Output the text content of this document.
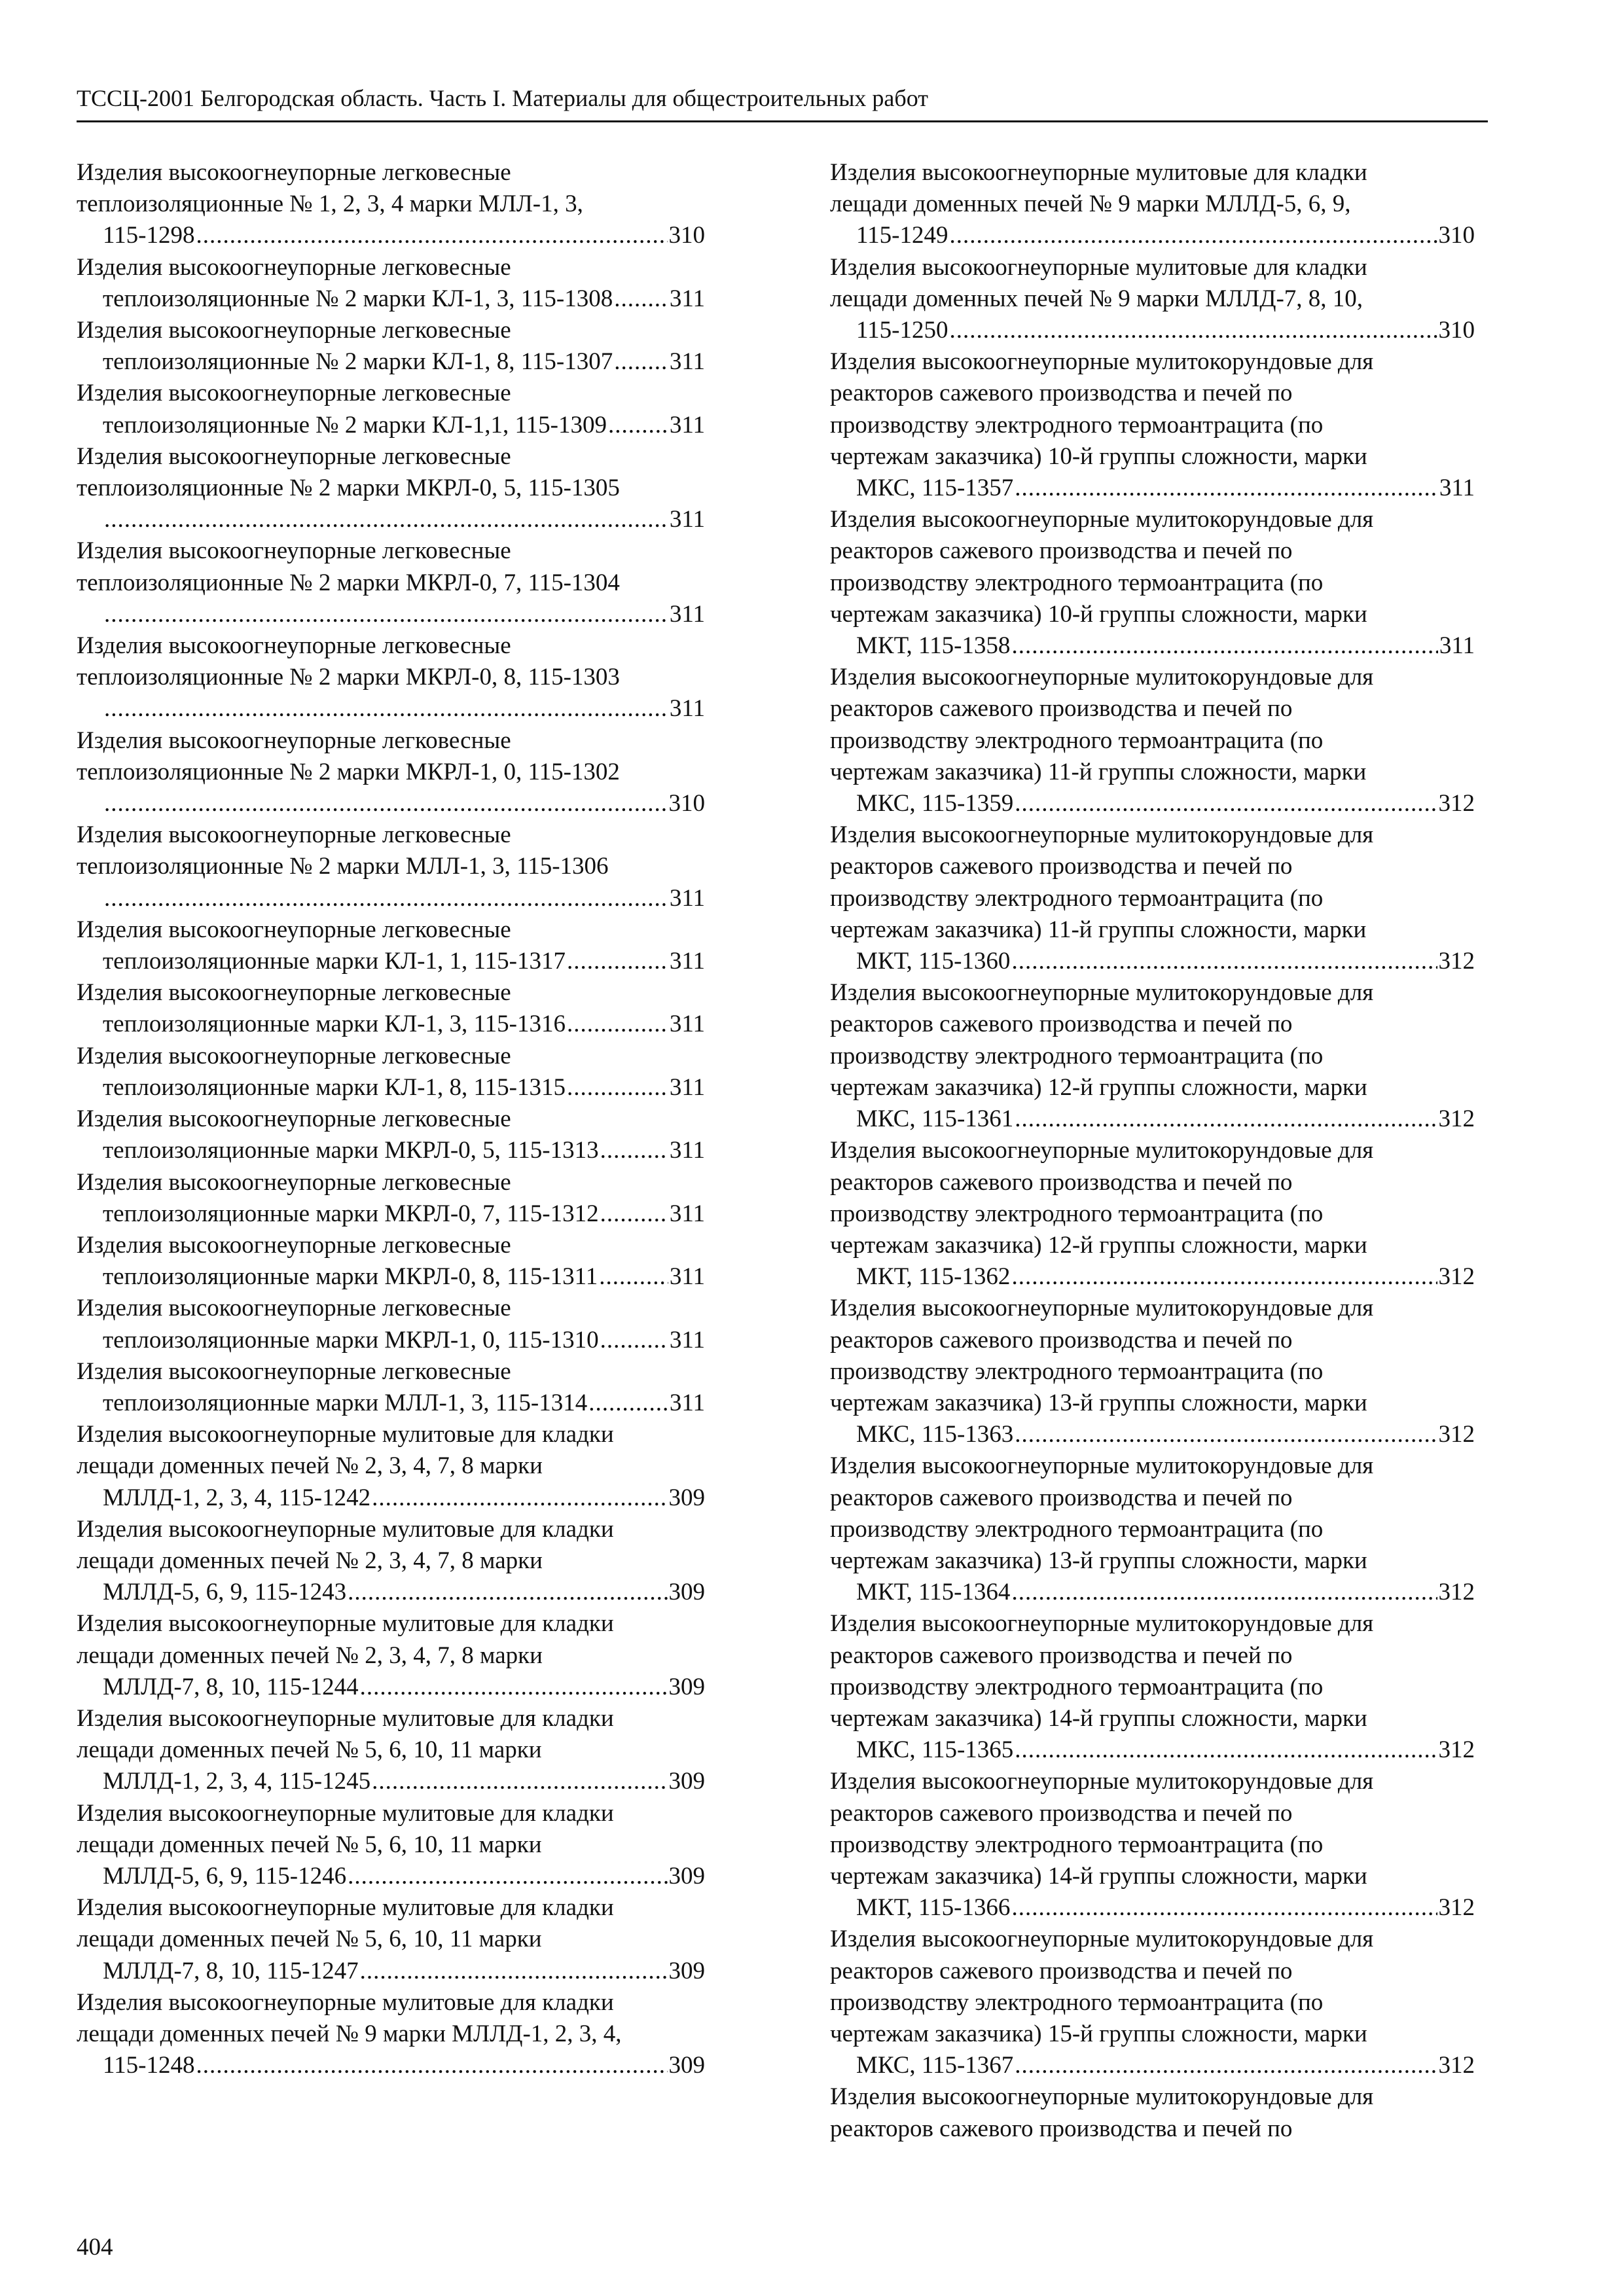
ТССЦ-2001 Белгородская область. Часть I. Материалы для общестроительных работ
Изделия высокоогнеупорные легковесные
теплоизоляционные № 1, 2, 3, 4 марки МЛЛ-1, 3,
115-1298 .....	310
Изделия высокоогнеупорные легковесные
теплоизоляционные № 2 марки КЛ-1, 3, 115-1308 ..... 311
Изделия высокоогнеупорные легковесные
теплоизоляционные № 2 марки КЛ-1, 8, 115-1307 ..... 311
Изделия высокоогнеупорные легковесные
теплоизоляционные № 2 марки КЛ-1,1, 115-1309 .....	311
Изделия высокоогнеупорные легковесные
теплоизоляционные № 2 марки МКРЛ-0, 5, 115-1305
.....
311
Изделия высокоогнеупорные легковесные
теплоизоляционные № 2 марки МКРЛ-0, 7, 115-1304
.....
311
Изделия высокоогнеупорные легковесные
теплоизоляционные № 2 марки МКРЛ-0, 8, 115-1303
.....
311
Изделия высокоогнеупорные легковесные
теплоизоляционные № 2 марки МКРЛ-1, 0, 115-1302
.....
310
Изделия высокоогнеупорные легковесные
теплоизоляционные № 2 марки МЛЛ-1, 3, 115-1306
.....
311
Изделия высокоогнеупорные легковесные
теплоизоляционные марки КЛ-1, 1, 115-1317 .....	311
Изделия высокоогнеупорные легковесные
теплоизоляционные марки КЛ-1, 3, 115-1316 .....	311
Изделия высокоогнеупорные легковесные
теплоизоляционные марки КЛ-1, 8, 115-1315 .....	311
Изделия высокоогнеупорные легковесные
теплоизоляционные марки МКРЛ-0, 5, 115-1313 .....	311
Изделия высокоогнеупорные легковесные
теплоизоляционные марки МКРЛ-0, 7, 115-1312 .....	311
Изделия высокоогнеупорные легковесные
теплоизоляционные марки МКРЛ-0, 8, 115-1311 .....	311
Изделия высокоогнеупорные легковесные
теплоизоляционные марки МКРЛ-1, 0, 115-1310 .....	311
Изделия высокоогнеупорные легковесные
теплоизоляционные марки МЛЛ-1, 3, 115-1314 .....	311
Изделия высокоогнеупорные мулитовые для кладки
лещади доменных печей № 2, 3, 4, 7, 8 марки
МЛЛД-1, 2, 3, 4, 115-1242 .....	309
Изделия высокоогнеупорные мулитовые для кладки
лещади доменных печей № 2, 3, 4, 7, 8 марки
МЛЛД-5, 6, 9, 115-1243 .....	309
Изделия высокоогнеупорные мулитовые для кладки
лещади доменных печей № 2, 3, 4, 7, 8 марки
МЛЛД-7, 8, 10, 115-1244 .....	309
Изделия высокоогнеупорные мулитовые для кладки
лещади доменных печей № 5, 6, 10, 11 марки
МЛЛД-1, 2, 3, 4, 115-1245 .....	309
Изделия высокоогнеупорные мулитовые для кладки
лещади доменных печей № 5, 6, 10, 11 марки
МЛЛД-5, 6, 9, 115-1246 .....	309
Изделия высокоогнеупорные мулитовые для кладки
лещади доменных печей № 5, 6, 10, 11 марки
МЛЛД-7, 8, 10, 115-1247 .....	309
Изделия высокоогнеупорные мулитовые для кладки
лещади доменных печей № 9 марки МЛЛД-1, 2, 3, 4,
115-1248 .....	309
Изделия высокоогнеупорные мулитовые для кладки
лещади доменных печей № 9 марки МЛЛД-5, 6, 9,
115-1249 .....	310
Изделия высокоогнеупорные мулитовые для кладки
лещади доменных печей № 9 марки МЛЛД-7, 8, 10,
115-1250 .....	310
Изделия высокоогнеупорные мулитокорундовые для
реакторов сажевого производства и печей по
производству электродного термоантрацита (по
чертежам заказчика) 10-й группы сложности, марки
МКС, 115-1357 .....	311
Изделия высокоогнеупорные мулитокорундовые для
реакторов сажевого производства и печей по
производству электродного термоантрацита (по
чертежам заказчика) 10-й группы сложности, марки
МКТ, 115-1358 .....	311
Изделия высокоогнеупорные мулитокорундовые для
реакторов сажевого производства и печей по
производству электродного термоантрацита (по
чертежам заказчика) 11-й группы сложности, марки
МКС, 115-1359 .....	312
Изделия высокоогнеупорные мулитокорундовые для
реакторов сажевого производства и печей по
производству электродного термоантрацита (по
чертежам заказчика) 11-й группы сложности, марки
МКТ, 115-1360 .....	312
Изделия высокоогнеупорные мулитокорундовые для
реакторов сажевого производства и печей по
производству электродного термоантрацита (по
чертежам заказчика) 12-й группы сложности, марки
МКС, 115-1361 .....	312
Изделия высокоогнеупорные мулитокорундовые для
реакторов сажевого производства и печей по
производству электродного термоантрацита (по
чертежам заказчика) 12-й группы сложности, марки
МКТ, 115-1362 .....	312
Изделия высокоогнеупорные мулитокорундовые для
реакторов сажевого производства и печей по
производству электродного термоантрацита (по
чертежам заказчика) 13-й группы сложности, марки
МКС, 115-1363 .....	312
Изделия высокоогнеупорные мулитокорундовые для
реакторов сажевого производства и печей по
производству электродного термоантрацита (по
чертежам заказчика) 13-й группы сложности, марки
МКТ, 115-1364 .....	312
Изделия высокоогнеупорные мулитокорундовые для
реакторов сажевого производства и печей по
производству электродного термоантрацита (по
чертежам заказчика) 14-й группы сложности, марки
МКС, 115-1365 .....	312
Изделия высокоогнеупорные мулитокорундовые для
реакторов сажевого производства и печей по
производству электродного термоантрацита (по
чертежам заказчика) 14-й группы сложности, марки
МКТ, 115-1366 .....	312
Изделия высокоогнеупорные мулитокорундовые для
реакторов сажевого производства и печей по
производству электродного термоантрацита (по
чертежам заказчика) 15-й группы сложности, марки
МКС, 115-1367 .....	312
Изделия высокоогнеупорные мулитокорундовые для
реакторов сажевого производства и печей по
404
